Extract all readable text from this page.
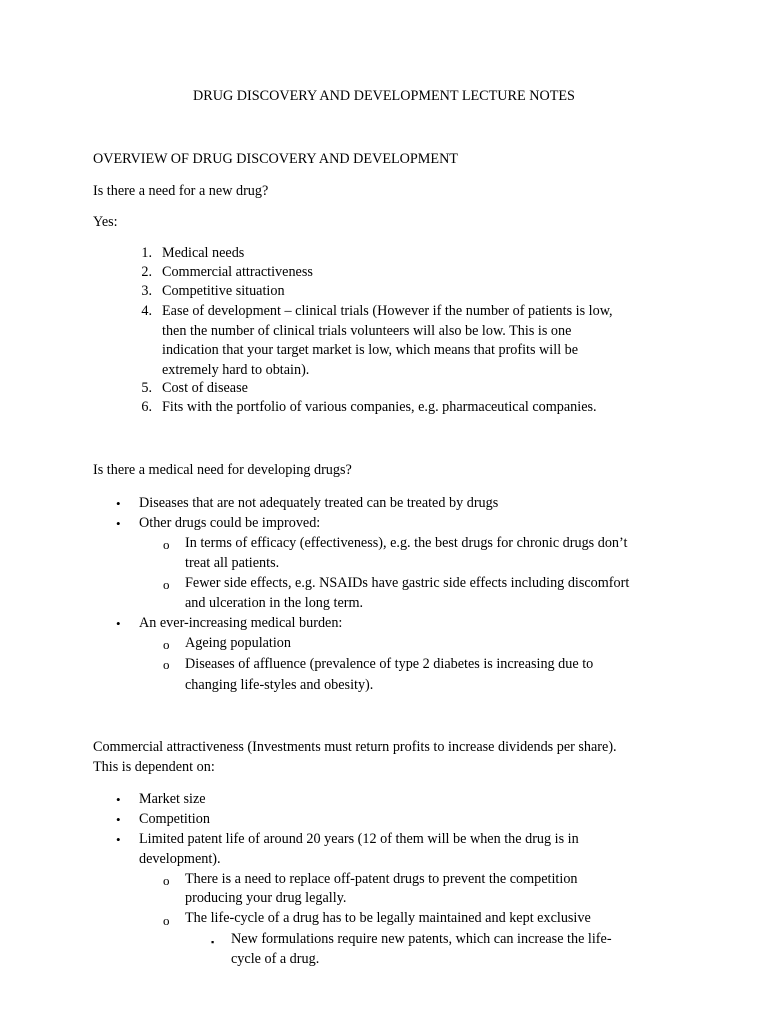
DRUG DISCOVERY AND DEVELOPMENT LECTURE NOTES
OVERVIEW OF DRUG DISCOVERY AND DEVELOPMENT
Is there a need for a new drug?
Yes:
1. Medical needs
2. Commercial attractiveness
3. Competitive situation
4. Ease of development – clinical trials (However if the number of patients is low,
then the number of clinical trials volunteers will also be low. This is one
indication that your target market is low, which means that profits will be
extremely hard to obtain).
5. Cost of disease
6. Fits with the portfolio of various companies, e.g. pharmaceutical companies.
Is there a medical need for developing drugs?
• Diseases that are not adequately treated can be treated by drugs
• Other drugs could be improved:
o In terms of efficacy (effectiveness), e.g. the best drugs for chronic drugs don’t
treat all patients.
o Fewer side effects, e.g. NSAIDs have gastric side effects including discomfort
and ulceration in the long term.
• An ever-increasing medical burden:
o Ageing population
o Diseases of affluence (prevalence of type 2 diabetes is increasing due to
changing life-styles and obesity).
Commercial attractiveness (Investments must return profits to increase dividends per share).
This is dependent on:
• Market size
• Competition
• Limited patent life of around 20 years (12 of them will be when the drug is in
development).
o There is a need to replace off-patent drugs to prevent the competition
producing your drug legally.
o The life-cycle of a drug has to be legally maintained and kept exclusive
▪ New formulations require new patents, which can increase the life-
cycle of a drug.
